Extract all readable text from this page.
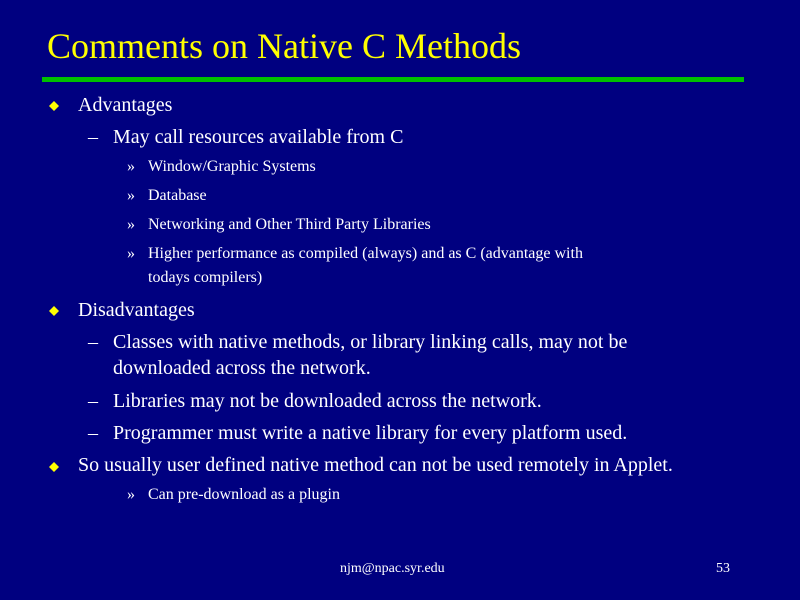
Comments on Native C Methods
Advantages
– May call resources available from C
» Window/Graphic Systems
» Database
» Networking and Other Third Party Libraries
» Higher performance as compiled (always) and as C (advantage with
todays compilers)
Disadvantages
– Classes with native methods, or library linking calls, may not be
downloaded across the network.
– Libraries may not be downloaded across the network.
– Programmer must write a native library for every platform used.
So usually user defined native method can not be used remotely in Applet.
» Can pre-download as a plugin
njm@npac.syr.edu	53
